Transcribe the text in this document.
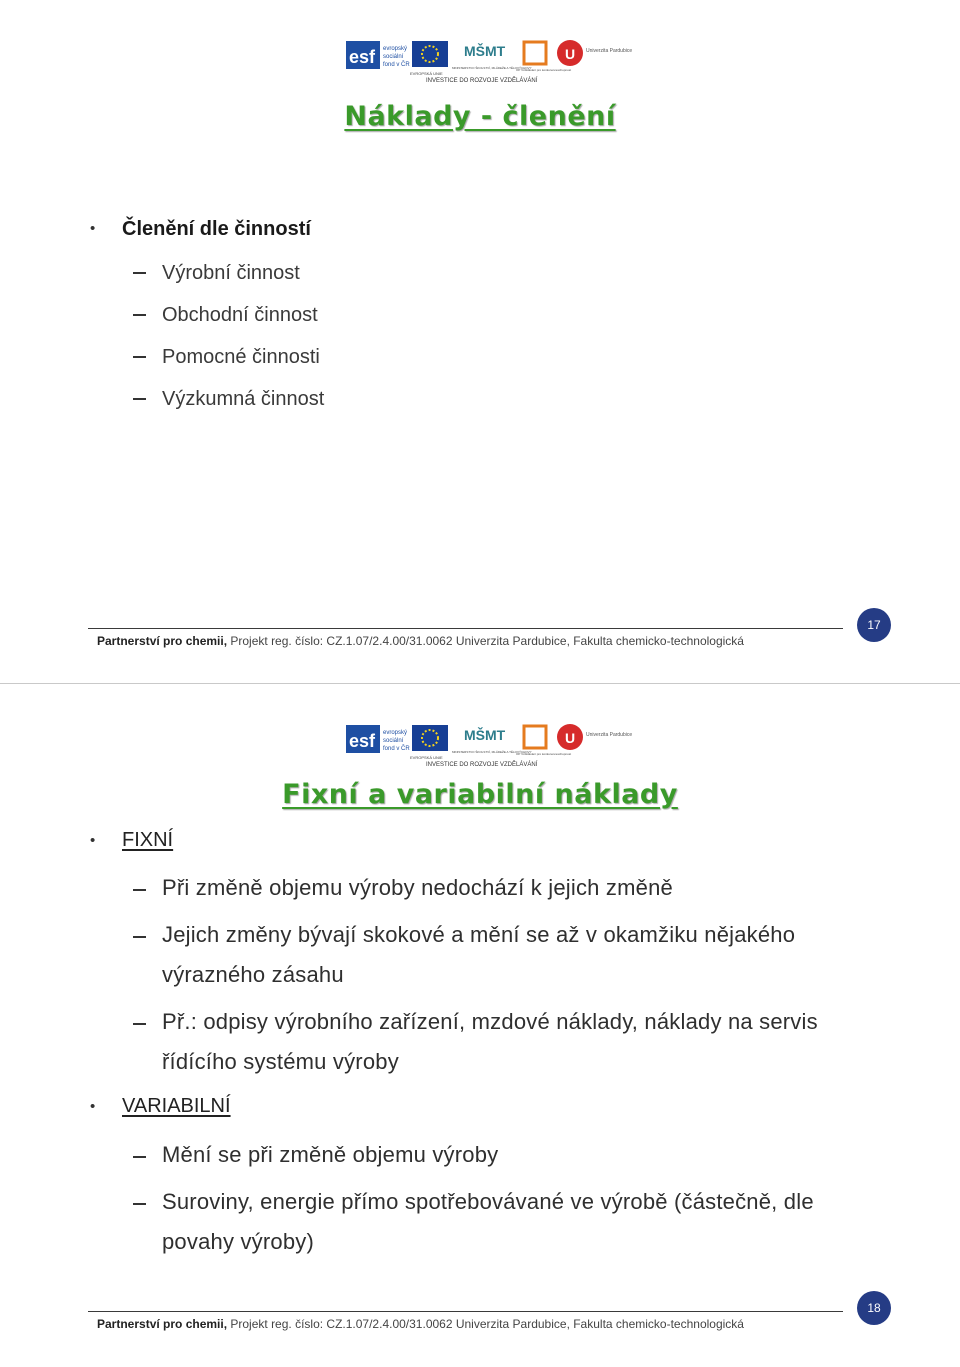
esf evropský
sociální
fond v ČR
EVROPSKÁ UNIE
MŠMT
MINISTERSTVO ŠKOLSTVÍ, MLÁDEŽE A TĚLOVÝCHOVY
OP Vzdělávání pro konkurenceschopnost
U Univerzita Pardubice
INVESTICE DO ROZVOJE VZDĚLÁVÁNÍ
Náklady - členění
• Členění dle činností
Výrobní činnost
Obchodní činnost
Pomocné činnosti
Výzkumná činnost
Partnerství pro chemii, Projekt reg. číslo: CZ.1.07/2.4.00/31.0062 Univerzita Pardubice, Fakulta chemicko-technologická
17
esf evropský
sociální
fond v ČR
EVROPSKÁ UNIE
MŠMT
MINISTERSTVO ŠKOLSTVÍ, MLÁDEŽE A TĚLOVÝCHOVY
OP Vzdělávání pro konkurenceschopnost
U Univerzita Pardubice
INVESTICE DO ROZVOJE VZDĚLÁVÁNÍ
Fixní a variabilní náklady
• FIXNÍ
Při změně objemu výroby nedochází k jejich změně
Jejich změny bývají skokové a mění se až v okamžiku nějakého
výrazného zásahu
Př.: odpisy výrobního zařízení, mzdové náklady, náklady na servis
řídícího systému výroby
• VARIABILNÍ
Mění se při změně objemu výroby
Suroviny, energie přímo spotřebovávané ve výrobě (částečně, dle
povahy výroby)
Partnerství pro chemii, Projekt reg. číslo: CZ.1.07/2.4.00/31.0062 Univerzita Pardubice, Fakulta chemicko-technologická
18
